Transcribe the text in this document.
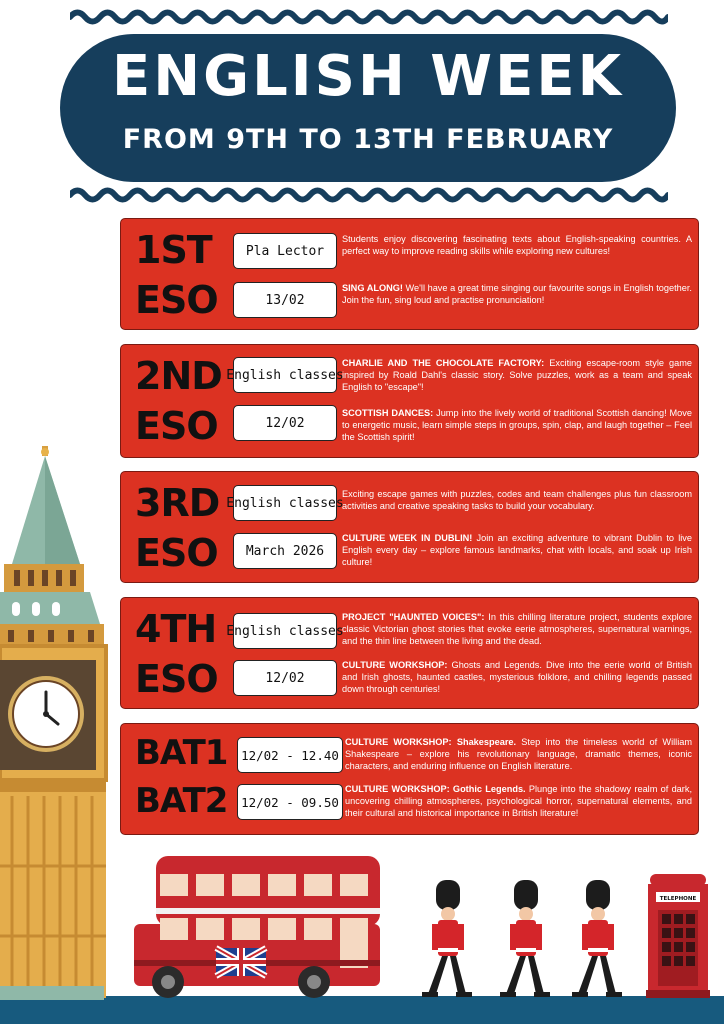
ENGLISH WEEK
FROM 9TH TO 13TH FEBRUARY
1ST
ESO
Pla Lector
13/02
Students enjoy discovering fascinating texts about English-speaking countries. A perfect way to improve reading skills while exploring new cultures!
SING ALONG! We'll have a great time singing our favourite songs in English together. Join the fun, sing loud and practise pronunciation!
2ND
ESO
English classes
12/02
CHARLIE AND THE CHOCOLATE FACTORY: Exciting escape-room style game inspired by Roald Dahl's classic story. Solve puzzles, work as a team and speak English to "escape"!
SCOTTISH DANCES: Jump into the lively world of traditional Scottish dancing! Move to energetic music, learn simple steps in groups, spin, clap, and laugh together – Feel the Scottish spirit!
3RD
ESO
English classes
March 2026
Exciting escape games with puzzles, codes and team challenges plus fun classroom activities and creative speaking tasks to build your vocabulary.
CULTURE WEEK IN DUBLIN! Join an exciting adventure to vibrant Dublin to live English every day – explore famous landmarks, chat with locals, and soak up Irish culture!
4TH
ESO
English classes
12/02
PROJECT "HAUNTED VOICES": In this chilling literature project, students explore classic Victorian ghost stories that evoke eerie atmospheres, supernatural warnings, and the thin line between the living and the dead.
CULTURE WORKSHOP: Ghosts and Legends. Dive into the eerie world of British and Irish ghosts, haunted castles, mysterious folklore, and chilling legends passed down through centuries!
BAT1
BAT2
12/02 - 12.40
12/02 - 09.50
CULTURE WORKSHOP: Shakespeare. Step into the timeless world of William Shakespeare – explore his revolutionary language, dramatic themes, iconic characters, and enduring influence on English literature.
CULTURE WORKSHOP: Gothic Legends. Plunge into the shadowy realm of dark, uncovering chilling atmospheres, psychological horror, supernatural elements, and their cultural and historical importance in British literature!
TELEPHONE
